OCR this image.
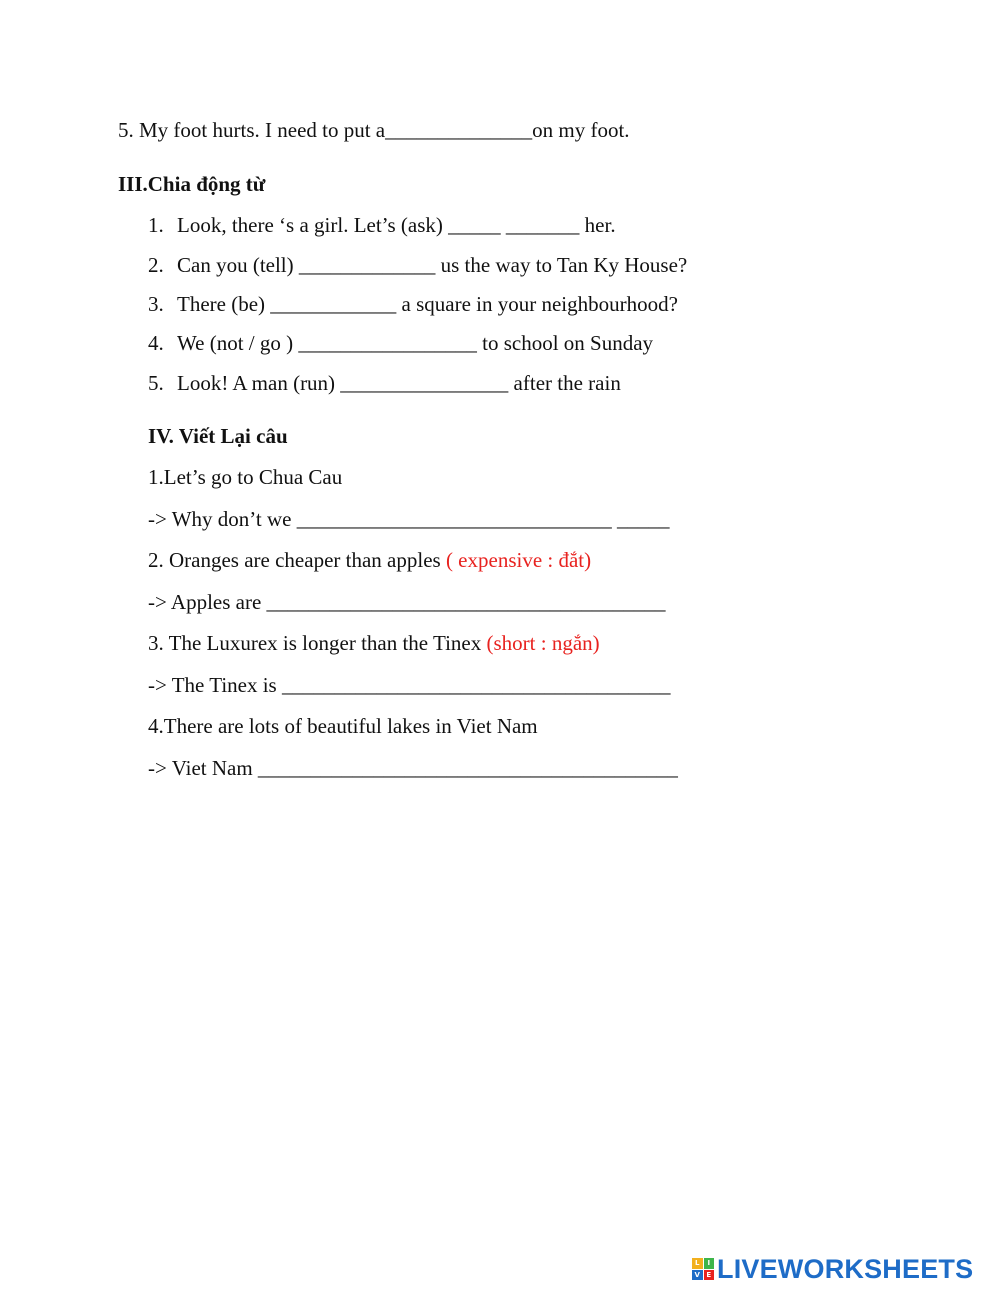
5. My foot hurts. I need to put a______________on my foot.
III.Chia động từ
1. Look, there ‘s a girl. Let’s (ask) _____ _______ her.
2. Can you (tell) _____________ us the way to Tan Ky House?
3. There (be) ____________ a square in your neighbourhood?
4. We (not / go ) _________________ to school on Sunday
5. Look! A man (run) ________________ after the rain
IV. Viết Lại câu
1.Let’s go to Chua Cau
-> Why don’t we ______________________________ _____
2. Oranges are cheaper than apples ( expensive : đắt)
-> Apples are ______________________________________
3. The Luxurex is longer than the Tinex (short : ngắn)
-> The Tinex is _____________________________________
4.There are lots of beautiful lakes in Viet Nam
-> Viet Nam ________________________________________
L	I
V E LIVEWORKSHEETS
